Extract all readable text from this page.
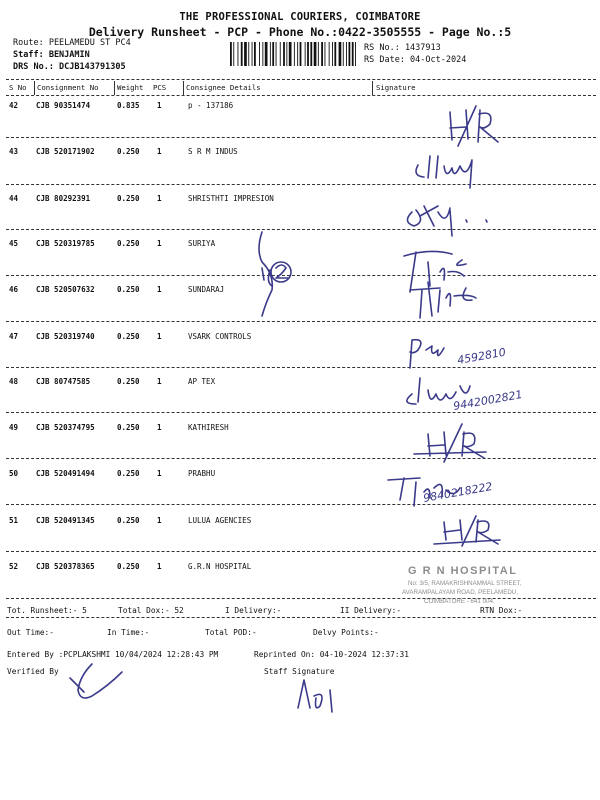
THE PROFESSIONAL COURIERS, COIMBATORE
Delivery Runsheet - PCP - Phone No.:0422-3505555 - Page No.:5
Route: PEELAMEDU ST PC4
Staff: BENJAMIN
DRS No.: DCJB143791305
RS No.: 1437913
RS Date: 04-Oct-2024
S No Consignment No	Weight PCS	Consignee Details	Signature
42 CJB 90351474	0.835 1	p - 137186
43 CJB 520171902	0.250 1	S R M INDUS
44 CJB 80292391	0.250 1	SHRISTHTI IMPRESION
45 CJB 520319785	0.250 1	SURIYA
46 CJB 520507632	0.250 1	SUNDARAJ
47 CJB 520319740	0.250 1	VSARK CONTROLS
48 CJB 80747585	0.250 1	AP TEX
49 CJB 520374795	0.250 1	KATHIRESH
50 CJB 520491494	0.250 1	PRABHU
51 CJB 520491345	0.250 1	LULUA AGENCIES
52 CJB 520378365	0.250 1	G.R.N HOSPITAL
Tot. Runsheet:- 5	Total Dox:- 52	I Delivery:-	II Delivery:-	RTN Dox:-
Out Time:-	In Time:-	Total POD:-	Delvy Points:-
Entered By :PCPLAKSHMI 10/04/2024 12:28:43 PM	Reprinted On: 04-10-2024 12:37:31
Verified By	Staff Signature
4592810
9442002821
9840218222
G R N HOSPITAL
No: 3/5, RAMAKRISHNAMMAL STREET,
AVARAMPALAYAM ROAD, PEELAMEDU,
COIMBATORE - 641 004.
